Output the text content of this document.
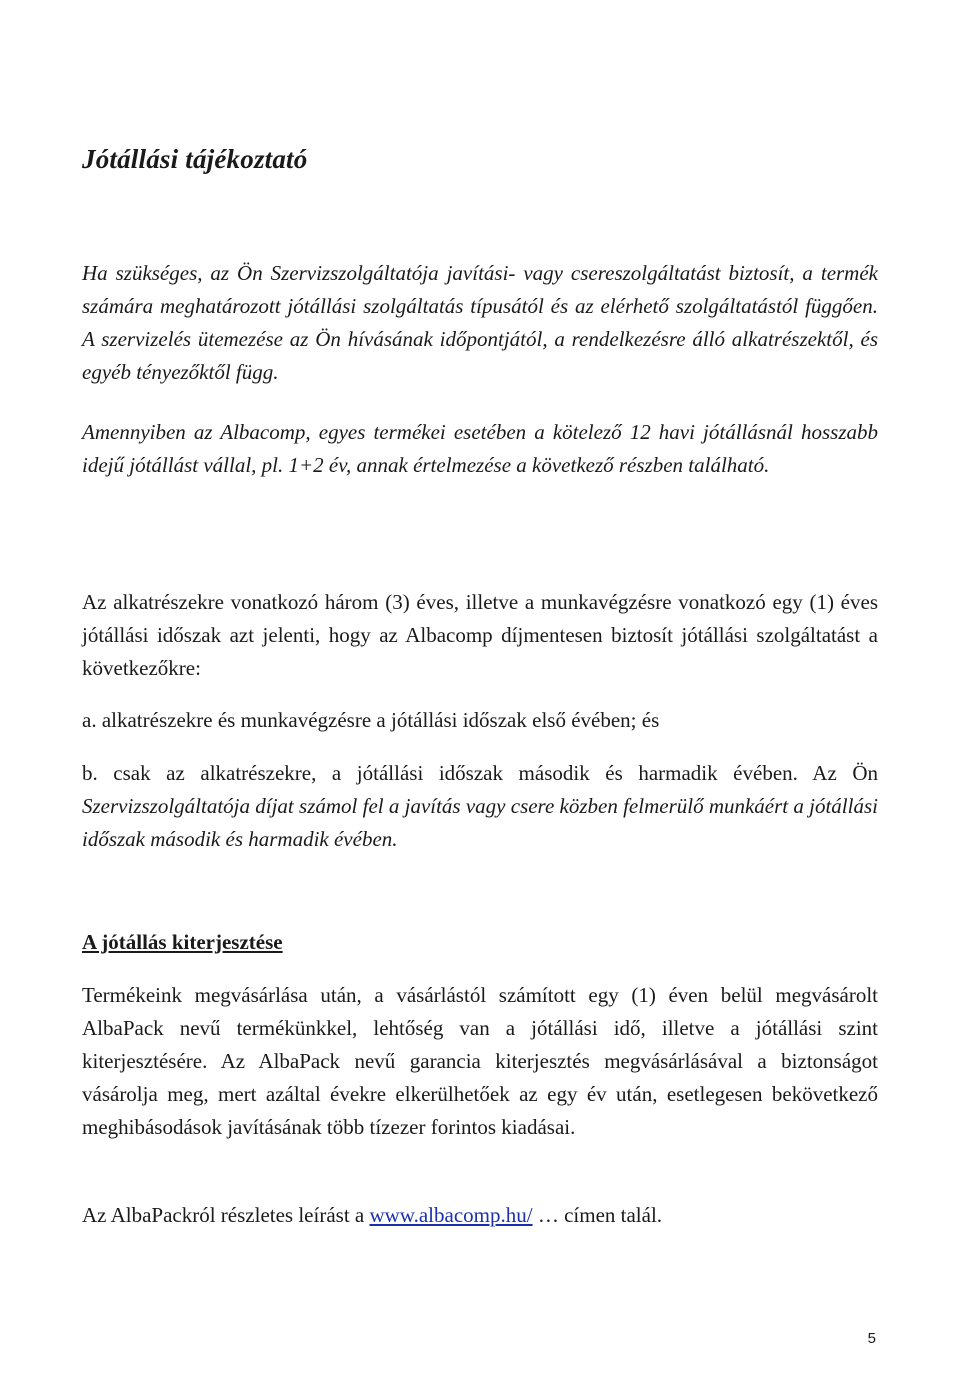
Jótállási tájékoztató

Ha szükséges, az Ön Szervizszolgáltatója javítási- vagy csereszolgáltatást biztosít, a termék számára meghatározott jótállási szolgáltatás típusától és az elérhető szolgáltatástól függően. A szervizelés ütemezése az Ön hívásának időpontjától, a rendelkezésre álló alkatrészektől, és egyéb tényezőktől függ.

Amennyiben az Albacomp, egyes termékei esetében a kötelező 12 havi jótállásnál hosszabb idejű jótállást vállal, pl. 1+2 év, annak értelmezése a következő részben található.

Az alkatrészekre vonatkozó három (3) éves, illetve a munkavégzésre vonatkozó egy (1) éves jótállási időszak azt jelenti, hogy az Albacomp díjmentesen biztosít jótállási szolgáltatást a következőkre:

a. alkatrészekre és munkavégzésre a jótállási időszak első évében; és

b. csak az alkatrészekre, a jótállási időszak második és harmadik évében. Az Ön Szervizszolgáltatója díjat számol fel a javítás vagy csere közben felmerülő munkáért a jótállási időszak második és harmadik évében.

A jótállás kiterjesztése

Termékeink megvásárlása után, a vásárlástól számított egy (1) éven belül megvásárolt AlbaPack nevű termékünkkel, lehtőség van a jótállási idő, illetve a jótállási szint kiterjesztésére. Az AlbaPack nevű garancia kiterjesztés megvásárlásával a biztonságot vásárolja meg, mert azáltal évekre elkerülhetőek az egy év után, esetlegesen bekövetkező meghibásodások javításának több tízezer forintos kiadásai.

Az AlbaPackról részletes leírást a www.albacomp.hu/ … címen talál.

5
